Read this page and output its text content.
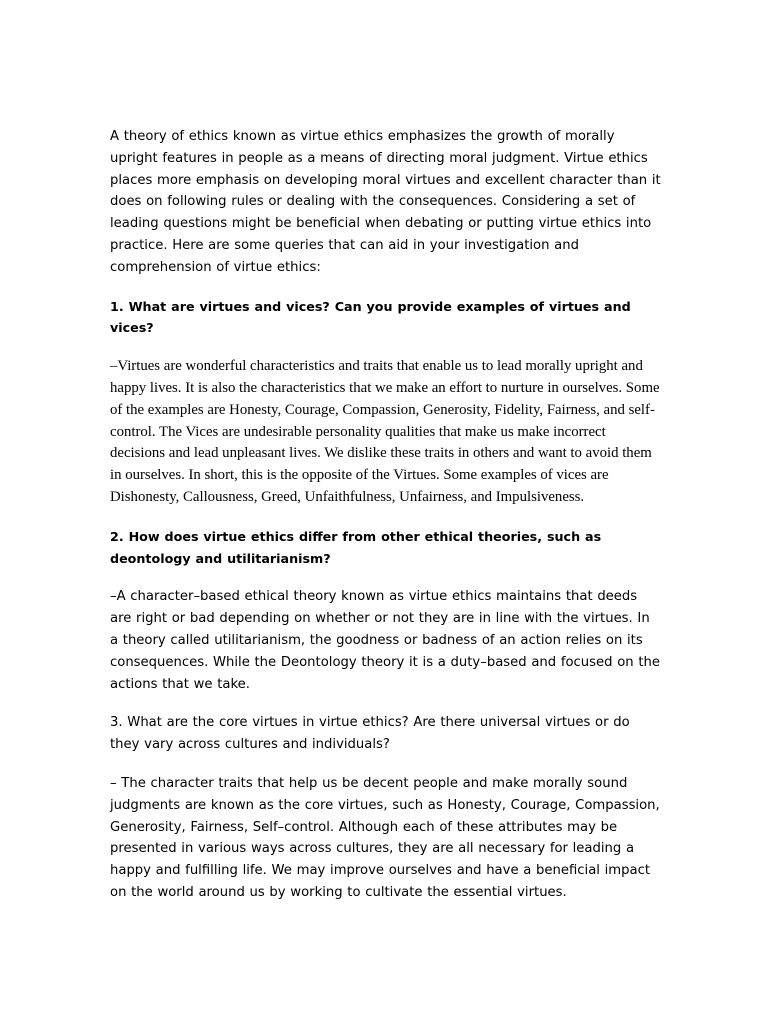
A theory of ethics known as virtue ethics emphasizes the growth of morally upright features in people as a means of directing moral judgment. Virtue ethics places more emphasis on developing moral virtues and excellent character than it does on following rules or dealing with the consequences. Considering a set of leading questions might be beneficial when debating or putting virtue ethics into practice. Here are some queries that can aid in your investigation and comprehension of virtue ethics:

1. What are virtues and vices? Can you provide examples of virtues and vices?

–Virtues are wonderful characteristics and traits that enable us to lead morally upright and happy lives. It is also the characteristics that we make an effort to nurture in ourselves. Some of the examples are Honesty, Courage, Compassion, Generosity, Fidelity, Fairness, and self-control. The Vices are undesirable personality qualities that make us make incorrect decisions and lead unpleasant lives. We dislike these traits in others and want to avoid them in ourselves. In short, this is the opposite of the Virtues. Some examples of vices are Dishonesty, Callousness, Greed, Unfaithfulness, Unfairness, and Impulsiveness.

2. How does virtue ethics differ from other ethical theories, such as deontology and utilitarianism?

–A character–based ethical theory known as virtue ethics maintains that deeds are right or bad depending on whether or not they are in line with the virtues. In a theory called utilitarianism, the goodness or badness of an action relies on its consequences. While the Deontology theory it is a duty–based and focused on the actions that we take.

3. What are the core virtues in virtue ethics? Are there universal virtues or do they vary across cultures and individuals?

– The character traits that help us be decent people and make morally sound judgments are known as the core virtues, such as Honesty, Courage, Compassion, Generosity, Fairness, Self–control. Although each of these attributes may be presented in various ways across cultures, they are all necessary for leading a happy and fulfilling life. We may improve ourselves and have a beneficial impact on the world around us by working to cultivate the essential virtues.
